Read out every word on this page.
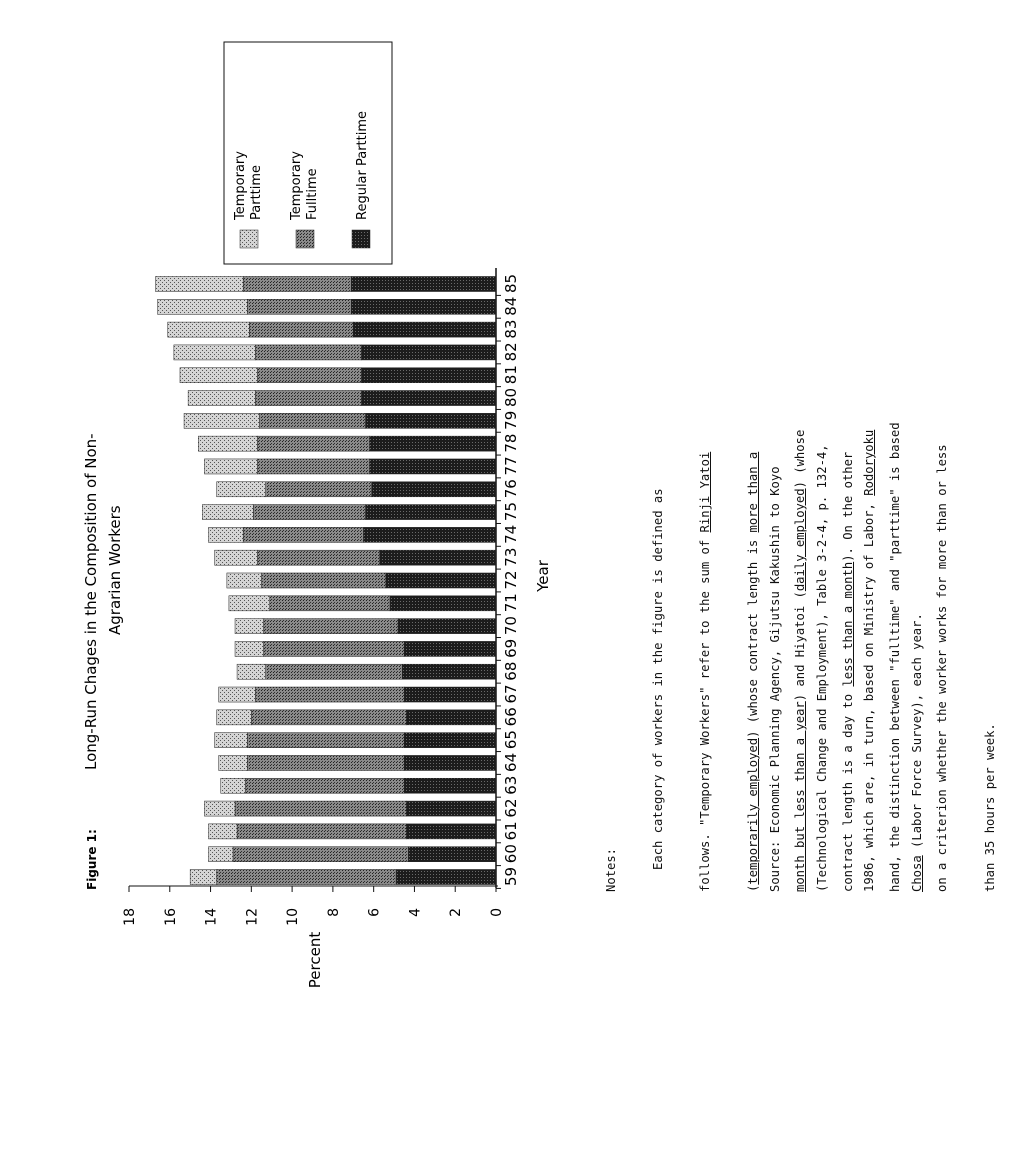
Figure 1:
Long-Run Chages in the Composition of Non- Agrarian Workers
0
2
4
6
8
10
12
14
16
18
Percent
59
60
61
62
63
64
65
66
67
68
69
70
71
72
73
74
75
76
77
78
79
80
81
82
83
84
85
Year
TemporaryParttime TemporaryFulltime	Regular Parttime

Notes:

	Each category of workers in the figure is defined as

	follows. "Temporary Workers" refer to the sum of Rinji Yatoi

(temporarily employed) (whose contract length is more than a

month but less than a year) and Hiyatoi (daily employed) (whose

contract length is a day to less than a month). On the other

	hand, the distinction between "fulltime" and "parttime" is based

	on a criterion whether the worker works for more than or less

	than 35 hours per week.

Source: Economic Planning Agency, Gijutsu Kakushin to Koyo

	(Technological Change and Employment), Table 3-2-4, p. 132-4,

	1986, which are, in turn, based on Ministry of Labor, Rodoryoku

Chosa (Labor Force Survey), each year.
